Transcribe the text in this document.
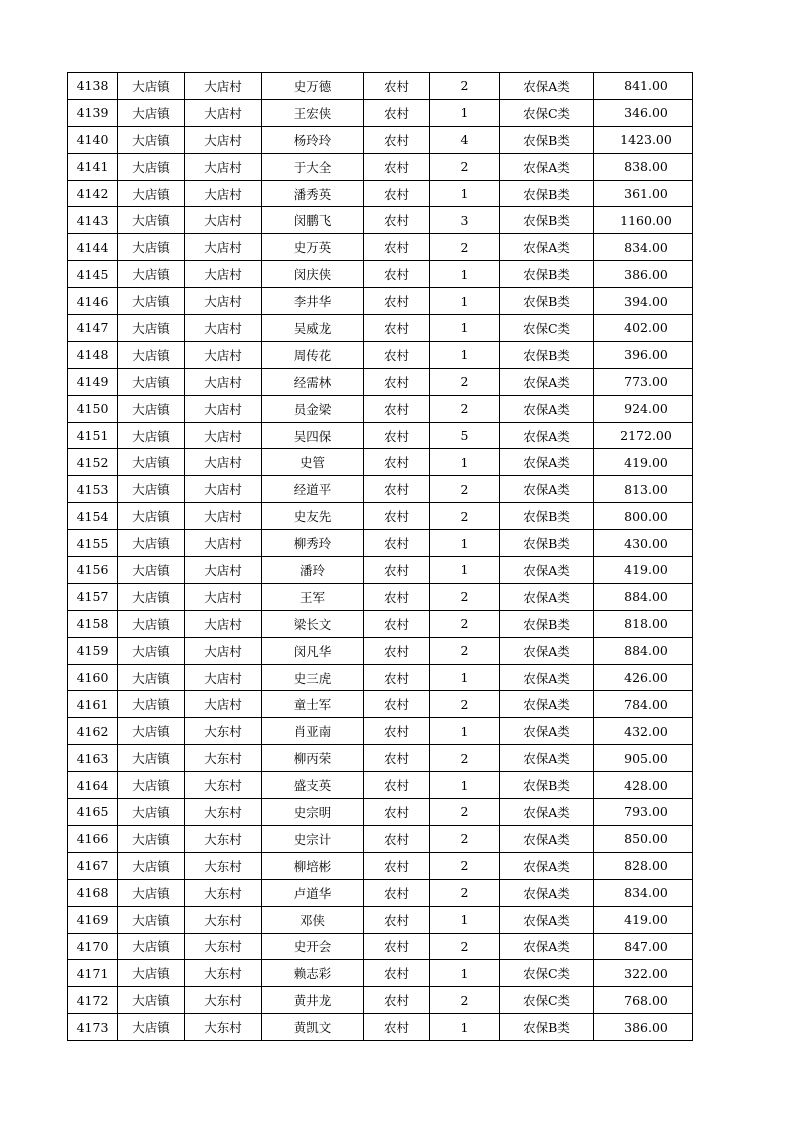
4138	大店镇	大店村	史万德	农村	2	农保A类	841.00
4139	大店镇	大店村	王宏侠	农村	1	农保C类	346.00
4140	大店镇	大店村	杨玲玲	农村	4	农保B类	1423.00
4141	大店镇	大店村	于大全	农村	2	农保A类	838.00
4142	大店镇	大店村	潘秀英	农村	1	农保B类	361.00
4143	大店镇	大店村	闵鹏飞	农村	3	农保B类	1160.00
4144	大店镇	大店村	史万英	农村	2	农保A类	834.00
4145	大店镇	大店村	闵庆侠	农村	1	农保B类	386.00
4146	大店镇	大店村	李井华	农村	1	农保B类	394.00
4147	大店镇	大店村	吴威龙	农村	1	农保C类	402.00
4148	大店镇	大店村	周传花	农村	1	农保B类	396.00
4149	大店镇	大店村	经需林	农村	2	农保A类	773.00
4150	大店镇	大店村	员金梁	农村	2	农保A类	924.00
4151	大店镇	大店村	吴四保	农村	5	农保A类	2172.00
4152	大店镇	大店村	史管	农村	1	农保A类	419.00
4153	大店镇	大店村	经道平	农村	2	农保A类	813.00
4154	大店镇	大店村	史友先	农村	2	农保B类	800.00
4155	大店镇	大店村	柳秀玲	农村	1	农保B类	430.00
4156	大店镇	大店村	潘玲	农村	1	农保A类	419.00
4157	大店镇	大店村	王军	农村	2	农保A类	884.00
4158	大店镇	大店村	梁长文	农村	2	农保B类	818.00
4159	大店镇	大店村	闵凡华	农村	2	农保A类	884.00
4160	大店镇	大店村	史三虎	农村	1	农保A类	426.00
4161	大店镇	大店村	童士军	农村	2	农保A类	784.00
4162	大店镇	大东村	肖亚南	农村	1	农保A类	432.00
4163	大店镇	大东村	柳丙荣	农村	2	农保A类	905.00
4164	大店镇	大东村	盛支英	农村	1	农保B类	428.00
4165	大店镇	大东村	史宗明	农村	2	农保A类	793.00
4166	大店镇	大东村	史宗计	农村	2	农保A类	850.00
4167	大店镇	大东村	柳培彬	农村	2	农保A类	828.00
4168	大店镇	大东村	卢道华	农村	2	农保A类	834.00
4169	大店镇	大东村	邓侠	农村	1	农保A类	419.00
4170	大店镇	大东村	史开会	农村	2	农保A类	847.00
4171	大店镇	大东村	赖志彩	农村	1	农保C类	322.00
4172	大店镇	大东村	黄井龙	农村	2	农保C类	768.00
4173	大店镇	大东村	黄凯文	农村	1	农保B类	386.00
